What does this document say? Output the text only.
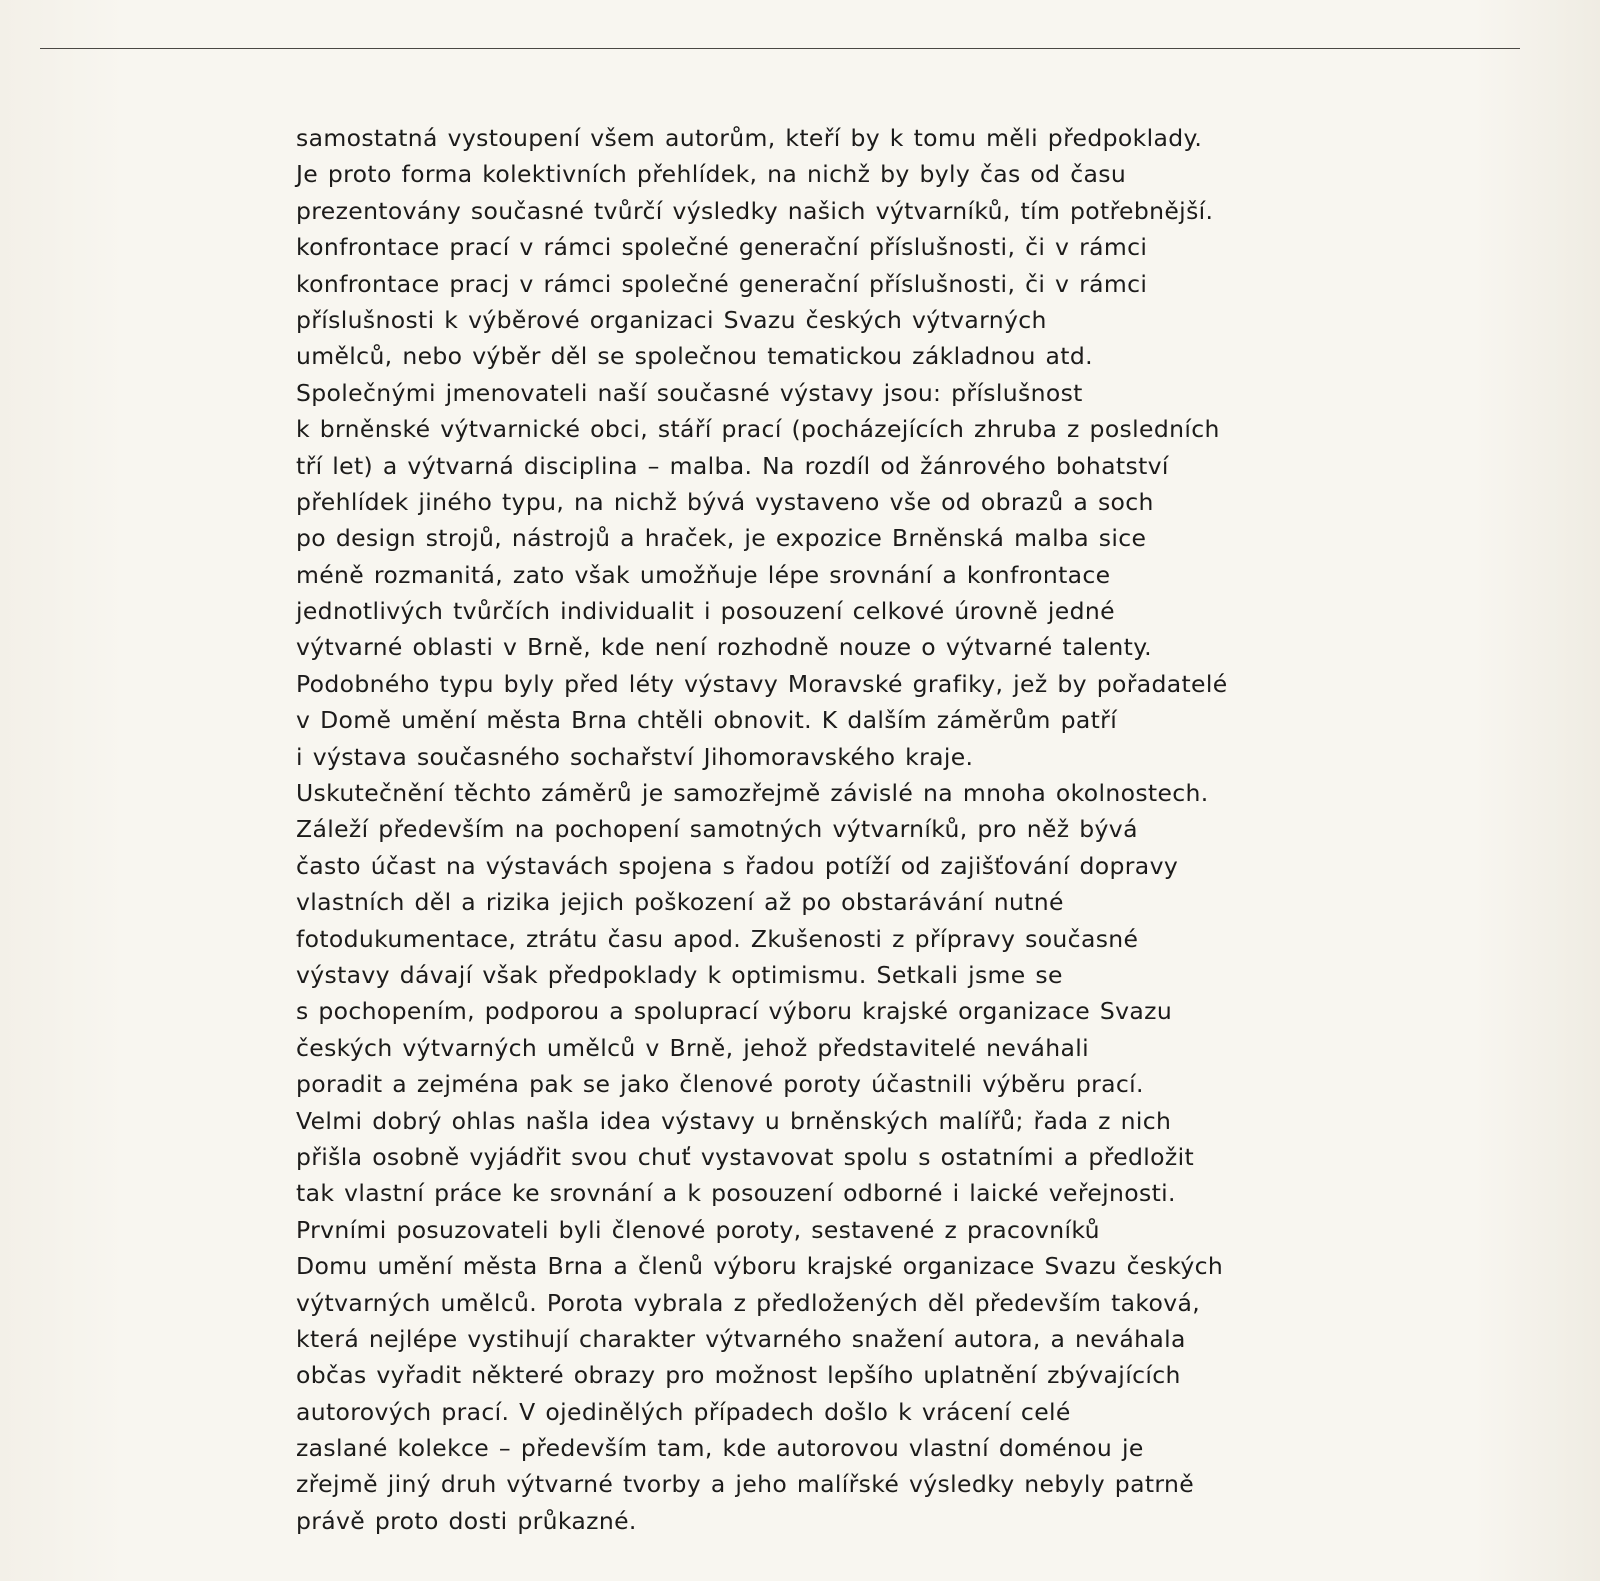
samostatná vystoupení všem autorům, kteří by k tomu měli předpoklady.
Je proto forma kolektivních přehlídek, na nichž by byly čas od času
prezentovány současné tvůrčí výsledky našich výtvarníků, tím potřebnější.
konfrontace prací v rámci společné generační příslušnosti, či v rámci
konfrontace pracj v rámci společné generační příslušnosti, či v rámci
příslušnosti k výběrové organizaci Svazu českých výtvarných
umělců, nebo výběr děl se společnou tematickou základnou atd.
Společnými jmenovateli naší současné výstavy jsou: příslušnost
k brněnské výtvarnické obci, stáří prací (pocházejících zhruba z posledních
tří let) a výtvarná disciplina – malba. Na rozdíl od žánrového bohatství
přehlídek jiného typu, na nichž bývá vystaveno vše od obrazů a soch
po design strojů, nástrojů a hraček, je expozice Brněnská malba sice
méně rozmanitá, zato však umožňuje lépe srovnání a konfrontace
jednotlivých tvůrčích individualit i posouzení celkové úrovně jedné
výtvarné oblasti v Brně, kde není rozhodně nouze o výtvarné talenty.
Podobného typu byly před léty výstavy Moravské grafiky, jež by pořadatelé
v Domě umění města Brna chtěli obnovit. K dalším záměrům patří
i výstava současného sochařství Jihomoravského kraje.
Uskutečnění těchto záměrů je samozřejmě závislé na mnoha okolnostech.
Záleží především na pochopení samotných výtvarníků, pro něž bývá
často účast na výstavách spojena s řadou potíží od zajišťování dopravy
vlastních děl a rizika jejich poškození až po obstarávání nutné
fotodukumentace, ztrátu času apod. Zkušenosti z přípravy současné
výstavy dávají však předpoklady k optimismu. Setkali jsme se
s pochopením, podporou a spoluprací výboru krajské organizace Svazu
českých výtvarných umělců v Brně, jehož představitelé neváhali
poradit a zejména pak se jako členové poroty účastnili výběru prací.
Velmi dobrý ohlas našla idea výstavy u brněnských malířů; řada z nich
přišla osobně vyjádřit svou chuť vystavovat spolu s ostatními a předložit
tak vlastní práce ke srovnání a k posouzení odborné i laické veřejnosti.
Prvními posuzovateli byli členové poroty, sestavené z pracovníků
Domu umění města Brna a členů výboru krajské organizace Svazu českých
výtvarných umělců. Porota vybrala z předložených děl především taková,
která nejlépe vystihují charakter výtvarného snažení autora, a neváhala
občas vyřadit některé obrazy pro možnost lepšího uplatnění zbývajících
autorových prací. V ojedinělých případech došlo k vrácení celé
zaslané kolekce – především tam, kde autorovou vlastní doménou je
zřejmě jiný druh výtvarné tvorby a jeho malířské výsledky nebyly patrně
právě proto dosti průkazné.
